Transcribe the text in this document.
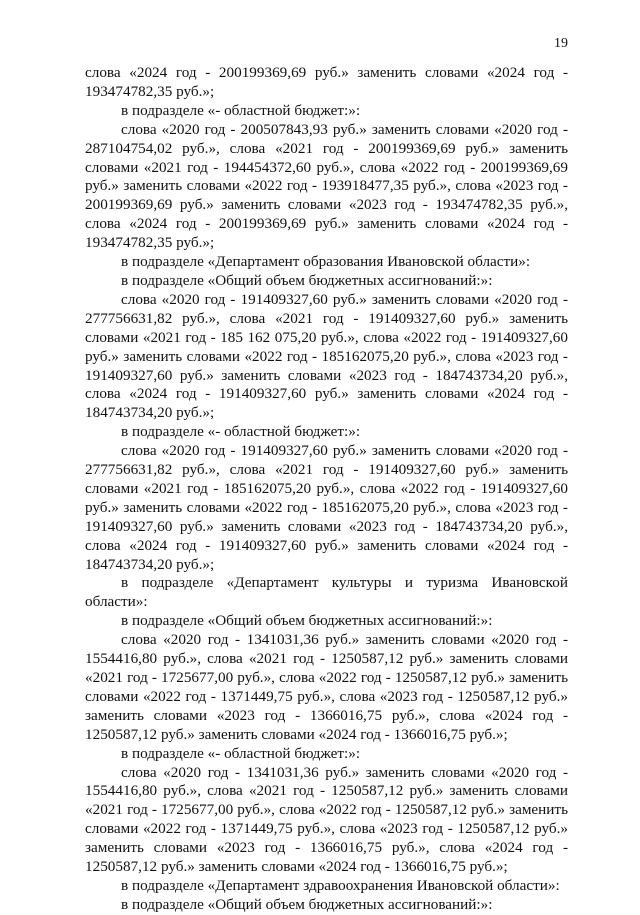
19

слова «2024 год - 200199369,69 руб.» заменить словами «2024 год - 193474782,35 руб.»;

в подразделе «- областной бюджет:»:

слова «2020 год - 200507843,93 руб.» заменить словами «2020 год - 287104754,02 руб.», слова «2021 год - 200199369,69 руб.» заменить словами «2021 год - 194454372,60 руб.», слова «2022 год - 200199369,69 руб.» заменить словами «2022 год - 193918477,35 руб.», слова «2023 год - 200199369,69 руб.» заменить словами «2023 год - 193474782,35 руб.», слова «2024 год - 200199369,69 руб.» заменить словами «2024 год - 193474782,35 руб.»;

в подразделе «Департамент образования Ивановской области»:

в подразделе «Общий объем бюджетных ассигнований:»:

слова «2020 год - 191409327,60 руб.» заменить словами «2020 год - 277756631,82 руб.», слова «2021 год - 191409327,60 руб.» заменить словами «2021 год - 185 162 075,20 руб.», слова «2022 год - 191409327,60 руб.» заменить словами «2022 год - 185162075,20 руб.», слова «2023 год - 191409327,60 руб.» заменить словами «2023 год - 184743734,20 руб.», слова «2024 год - 191409327,60 руб.» заменить словами «2024 год - 184743734,20 руб.»;

в подразделе «- областной бюджет:»:

слова «2020 год - 191409327,60 руб.» заменить словами «2020 год - 277756631,82 руб.», слова «2021 год - 191409327,60 руб.» заменить словами «2021 год - 185162075,20 руб.», слова «2022 год - 191409327,60 руб.» заменить словами «2022 год - 185162075,20 руб.», слова «2023 год - 191409327,60 руб.» заменить словами «2023 год - 184743734,20 руб.», слова «2024 год - 191409327,60 руб.» заменить словами «2024 год - 184743734,20 руб.»;

в подразделе «Департамент культуры и туризма Ивановской области»:

в подразделе «Общий объем бюджетных ассигнований:»:

слова «2020 год - 1341031,36 руб.» заменить словами «2020 год - 1554416,80 руб.», слова «2021 год - 1250587,12 руб.» заменить словами «2021 год - 1725677,00 руб.», слова «2022 год - 1250587,12 руб.» заменить словами «2022 год - 1371449,75 руб.», слова «2023 год - 1250587,12 руб.» заменить словами «2023 год - 1366016,75 руб.», слова «2024 год - 1250587,12 руб.» заменить словами «2024 год - 1366016,75 руб.»;

в подразделе «- областной бюджет:»:

слова «2020 год - 1341031,36 руб.» заменить словами «2020 год - 1554416,80 руб.», слова «2021 год - 1250587,12 руб.» заменить словами «2021 год - 1725677,00 руб.», слова «2022 год - 1250587,12 руб.» заменить словами «2022 год - 1371449,75 руб.», слова «2023 год - 1250587,12 руб.» заменить словами «2023 год - 1366016,75 руб.», слова «2024 год - 1250587,12 руб.» заменить словами «2024 год - 1366016,75 руб.»;

в подразделе «Департамент здравоохранения Ивановской области»:

в подразделе «Общий объем бюджетных ассигнований:»:
